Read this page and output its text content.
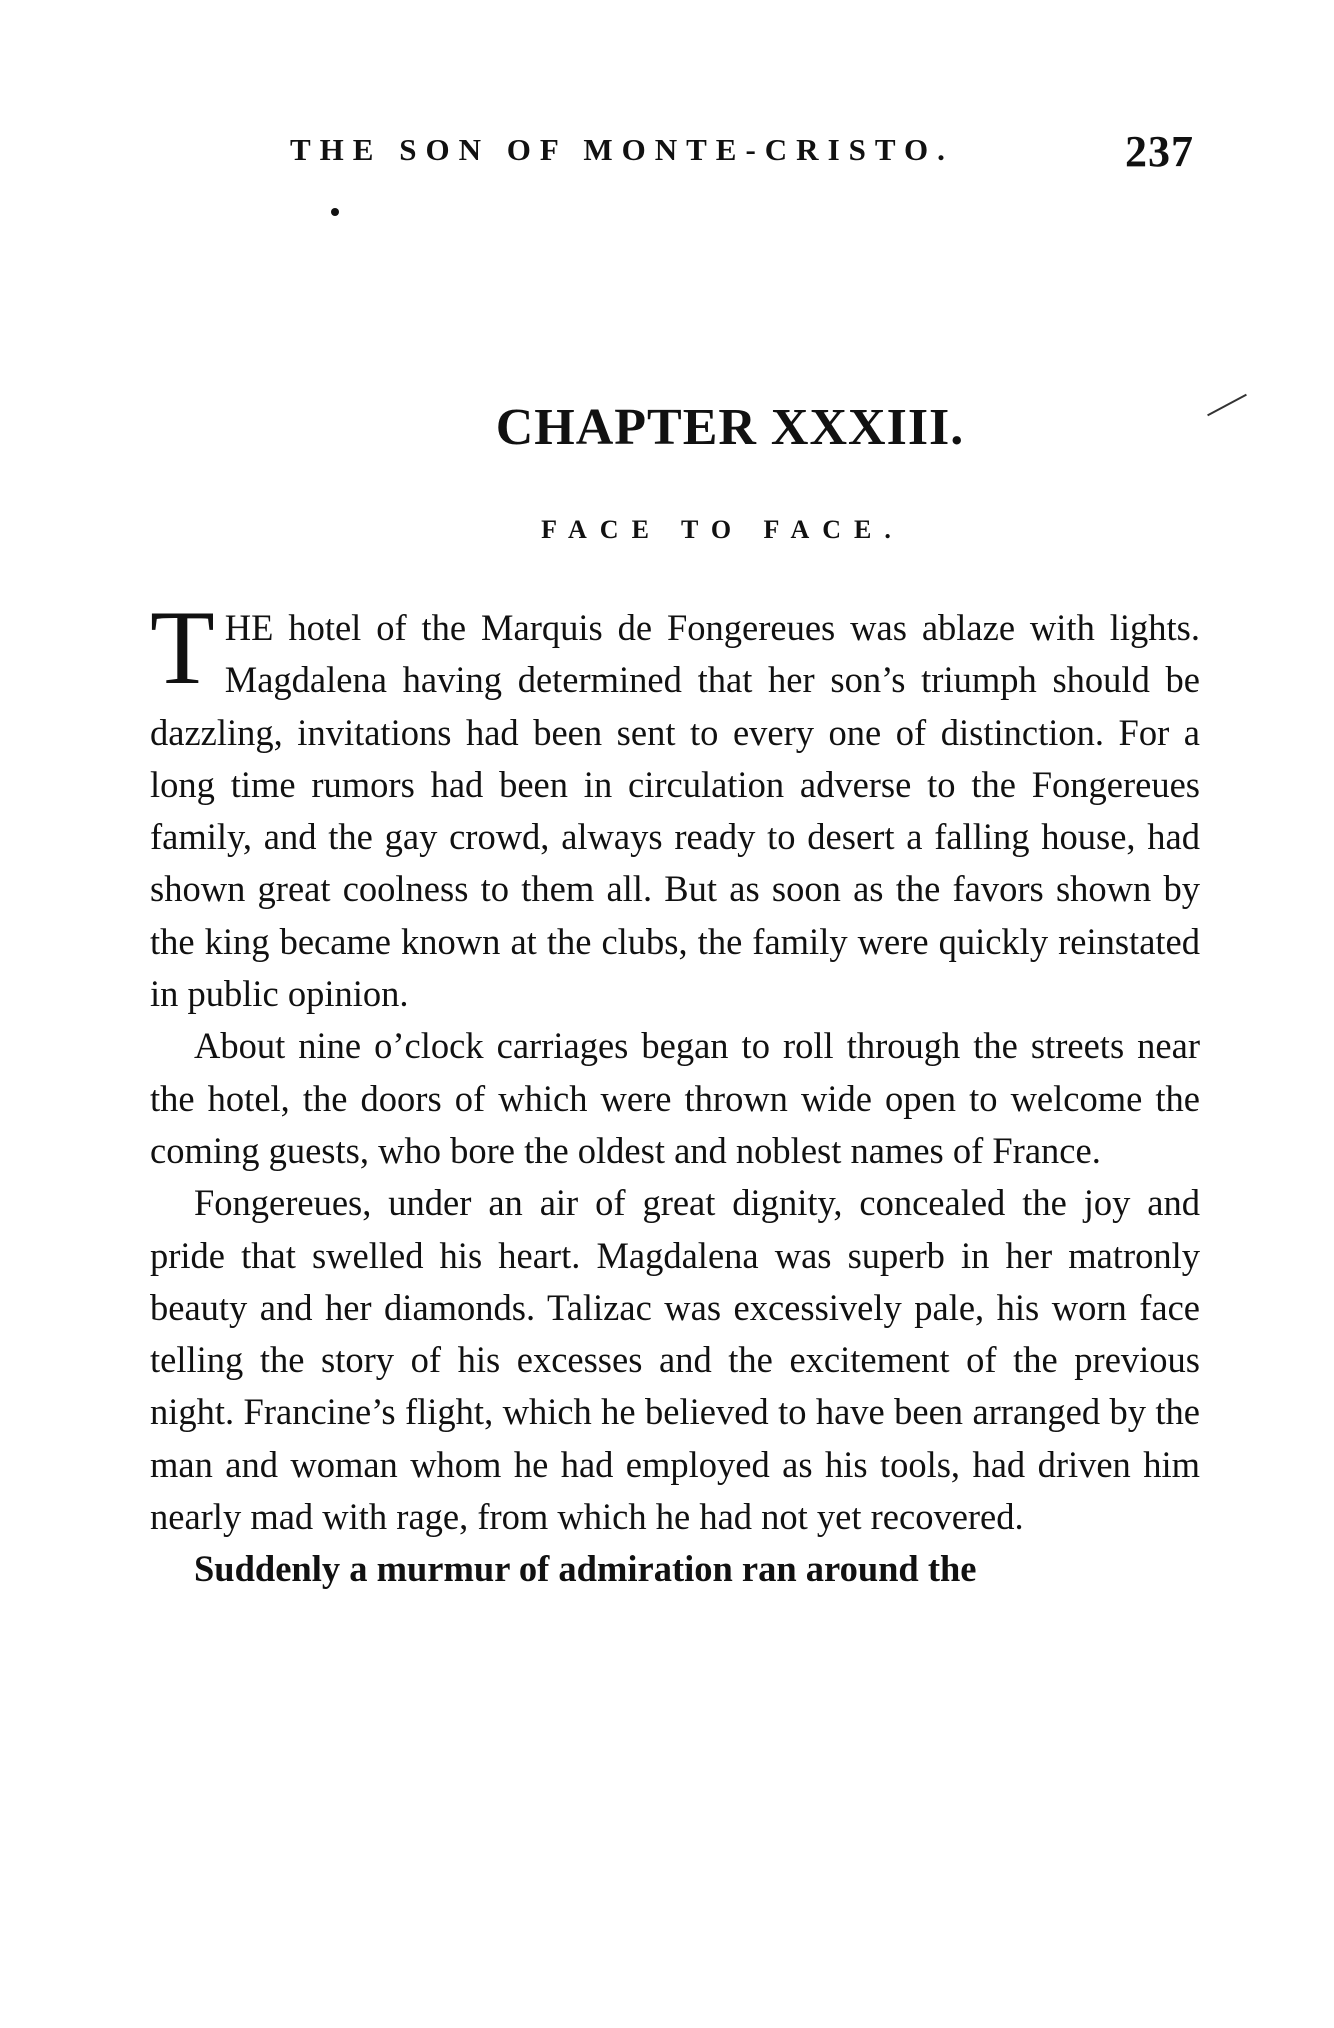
THE SON OF MONTE-CRISTO.	237
CHAPTER XXXIII.
FACE TO FACE.

THE hotel of the Marquis de Fongereues was ablaze with lights. Magdalena having determined that her son’s triumph should be dazzling, invitations had been sent to every one of distinction. For a long time rumors had been in circulation adverse to the Fongereues family, and the gay crowd, always ready to desert a falling house, had shown great coolness to them all. But as soon as the favors shown by the king became known at the clubs, the family were quickly reinstated in public opinion.

About nine o’clock carriages began to roll through the streets near the hotel, the doors of which were thrown wide open to welcome the coming guests, who bore the oldest and noblest names of France.

Fongereues, under an air of great dignity, concealed the joy and pride that swelled his heart. Magdalena was superb in her matronly beauty and her diamonds. Talizac was excessively pale, his worn face telling the story of his excesses and the excitement of the previous night. Francine’s flight, which he believed to have been arranged by the man and woman whom he had employed as his tools, had driven him nearly mad with rage, from which he had not yet recovered.

Suddenly a murmur of admiration ran around the
